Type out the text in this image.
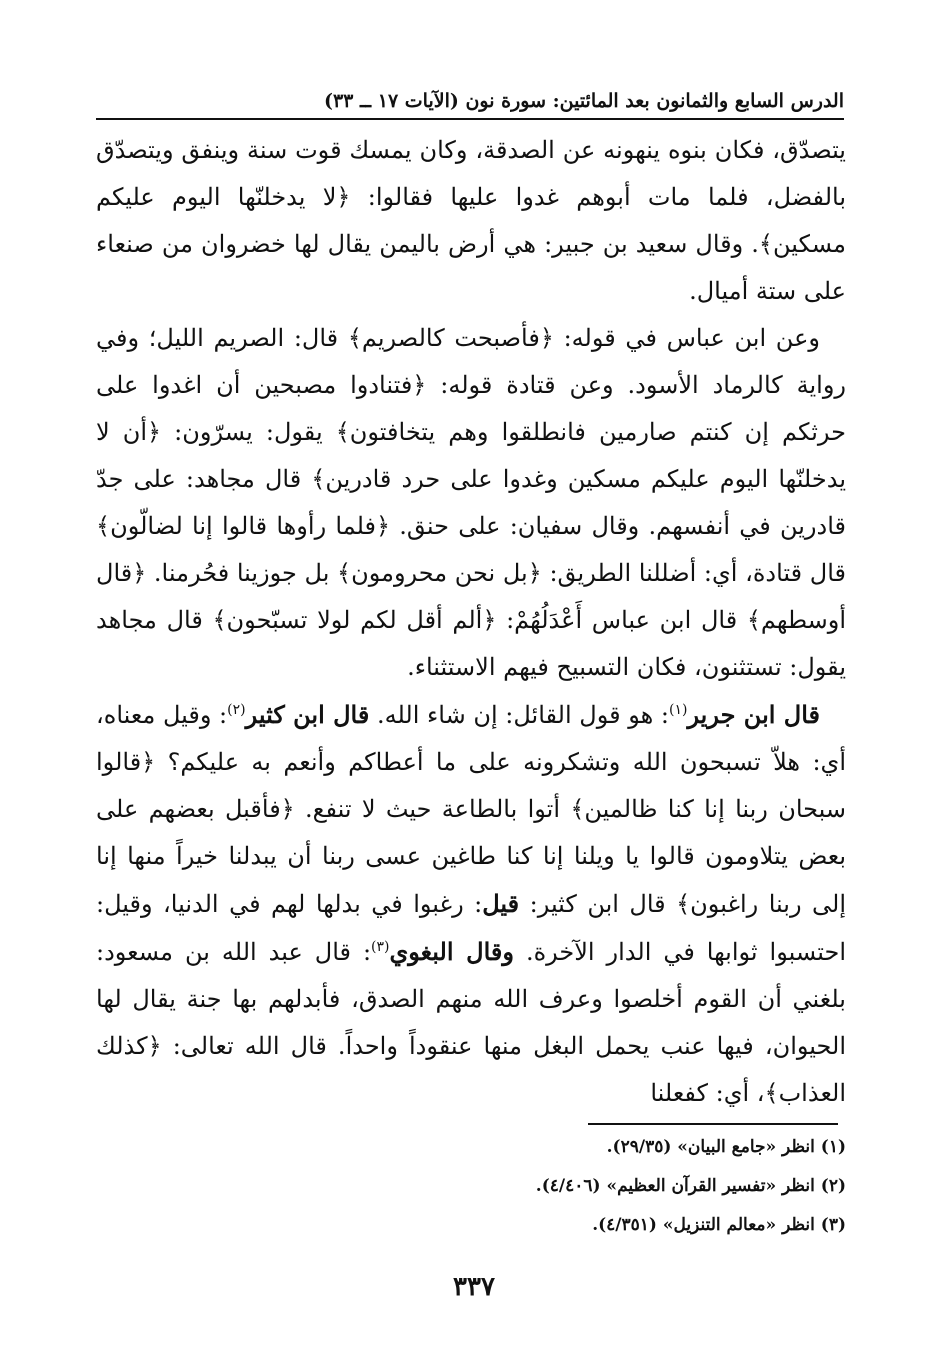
الدرس السابع والثمانون بعد المائتين: سورة نون (الآيات ١٧ ــ ٣٣)

يتصدّق، فكان بنوه ينهونه عن الصدقة، وكان يمسك قوت سنة وينفق ويتصدّق بالفضل، فلما مات أبوهم غدوا عليها فقالوا: ﴿لا يدخلنّها اليوم عليكم مسكين﴾. وقال سعيد بن جبير: هي أرض باليمن يقال لها خضروان من صنعاء على ستة أميال.

وعن ابن عباس في قوله: ﴿فأصبحت كالصريم﴾ قال: الصريم الليل؛ وفي رواية كالرماد الأسود. وعن قتادة قوله: ﴿فتنادوا مصبحين أن اغدوا على حرثكم إن كنتم صارمين فانطلقوا وهم يتخافتون﴾ يقول: يسرّون: ﴿أن لا يدخلنّها اليوم عليكم مسكين وغدوا على حرد قادرين﴾ قال مجاهد: على جدّ قادرين في أنفسهم. وقال سفيان: على حنق. ﴿فلما رأوها قالوا إنا لضالّون﴾ قال قتادة، أي: أضللنا الطريق: ﴿بل نحن محرومون﴾ بل جوزينا فحُرمنا. ﴿قال أوسطهم﴾ قال ابن عباس أَعْدَلُهُمْ: ﴿ألم أقل لكم لولا تسبّحون﴾ قال مجاهد يقول: تستثنون، فكان التسبيح فيهم الاستثناء.

قال ابن جرير$^{(١)}$: هو قول القائل: إن شاء الله. قال ابن كثير$^{(٢)}$: وقيل معناه، أي: هلاّ تسبحون الله وتشكرونه على ما أعطاكم وأنعم به عليكم؟ ﴿قالوا سبحان ربنا إنا كنا ظالمين﴾ أتوا بالطاعة حيث لا تنفع. ﴿فأقبل بعضهم على بعض يتلاومون قالوا يا ويلنا إنا كنا طاغين عسى ربنا أن يبدلنا خيراً منها إنا إلى ربنا راغبون﴾ قال ابن كثير: قيل: رغبوا في بدلها لهم في الدنيا، وقيل: احتسبوا ثوابها في الدار الآخرة. وقال البغوي$^{(٣)}$: قال عبد الله بن مسعود: بلغني أن القوم أخلصوا وعرف الله منهم الصدق، فأبدلهم بها جنة يقال لها الحيوان، فيها عنب يحمل البغل منها عنقوداً واحداً. قال الله تعالى: ﴿كذلك العذاب﴾، أي: كفعلنا

(١) انظر «جامع البيان» (٢٩/٣٥).
(٢) انظر «تفسير القرآن العظيم» (٤/٤٠٦).
(٣) انظر «معالم التنزيل» (٤/٣٥١).
٣٣٧
